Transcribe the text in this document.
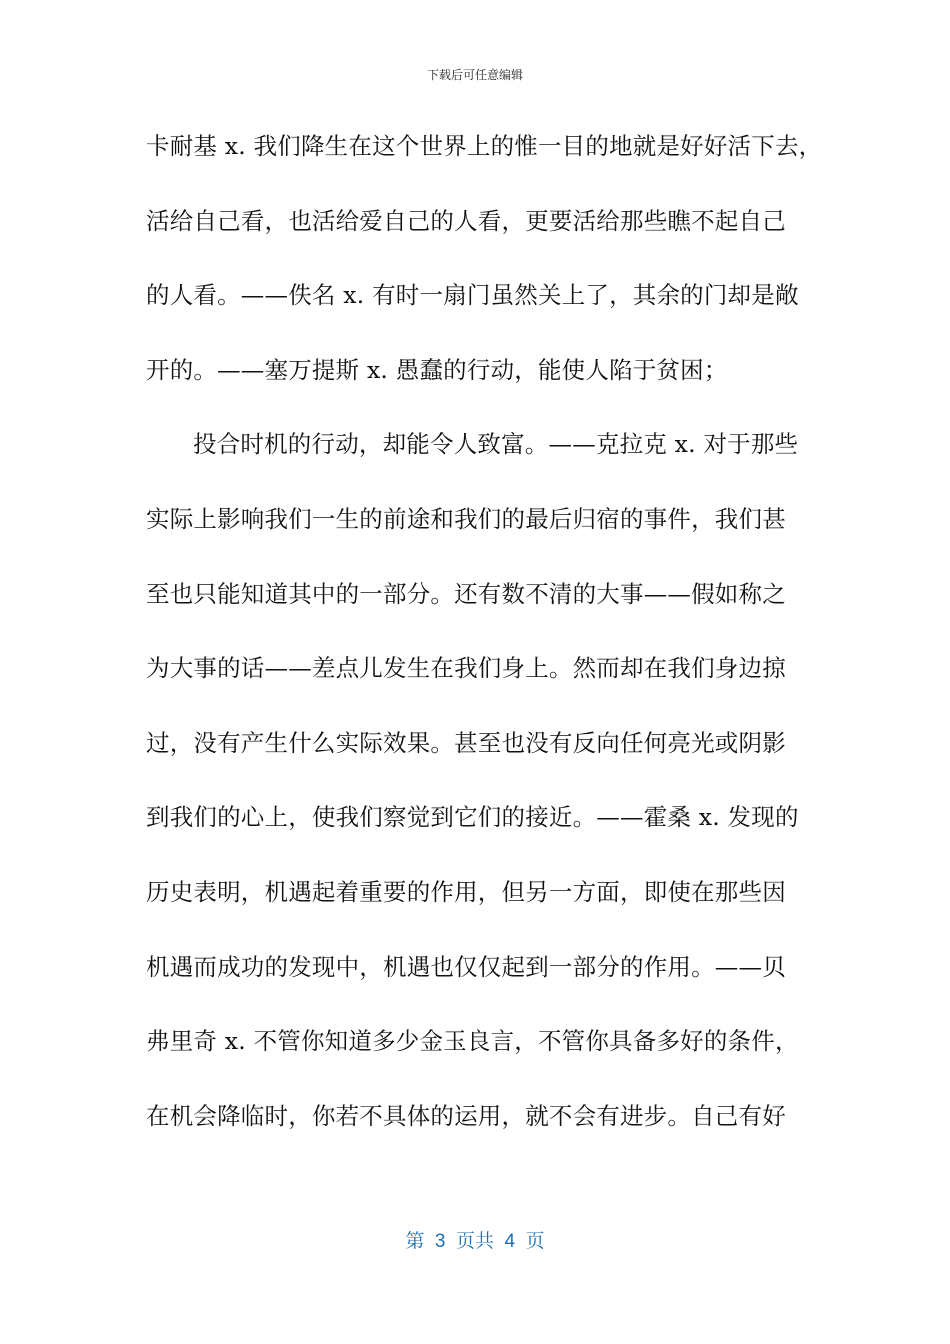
下载后可任意编辑
卡耐基 x. 我们降生在这个世界上的惟一目的地就是好好活下去，
活给自己看，也活给爱自己的人看，更要活给那些瞧不起自己
的人看。——佚名 x. 有时一扇门虽然关上了，其余的门却是敞
开的。——塞万提斯 x. 愚蠢的行动，能使人陷于贫困；
投合时机的行动，却能令人致富。——克拉克 x. 对于那些
实际上影响我们一生的前途和我们的最后归宿的事件，我们甚
至也只能知道其中的一部分。还有数不清的大事——假如称之
为大事的话——差点儿发生在我们身上。然而却在我们身边掠
过，没有产生什么实际效果。甚至也没有反向任何亮光或阴影
到我们的心上，使我们察觉到它们的接近。——霍桑 x. 发现的
历史表明，机遇起着重要的作用，但另一方面，即使在那些因
机遇而成功的发现中，机遇也仅仅起到一部分的作用。——贝
弗里奇 x. 不管你知道多少金玉良言，不管你具备多好的条件，
在机会降临时，你若不具体的运用，就不会有进步。自己有好
第  3  页共  4  页
